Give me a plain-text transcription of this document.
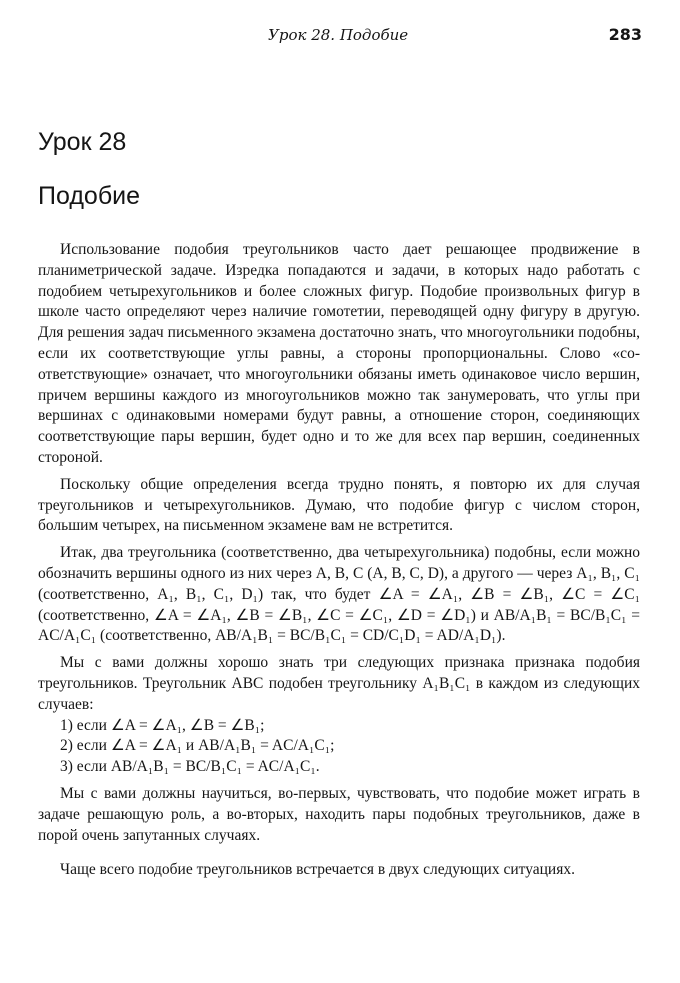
Урок 28. Подобие	283
Урок 28
Подобие

Использование подобия треугольников часто дает решающее продвижение в планиметрической задаче. Изредка попадаются и задачи, в которых надо работать с подобием четырехугольников и более сложных фигур. Подобие произвольных фигур в школе часто определяют через наличие гомотетии, переводящей одну фигуру в другую. Для решения задач письменного экзамена достаточно знать, что многоугольники подобны, если их соответствующие углы равны, а стороны пропорциональны. Слово «соответствующие» означает, что многоугольники обязаны иметь одинаковое число вершин, причем вершины каждого из многоугольников можно так занумеровать, что углы при вершинах с одинаковыми номерами будут равны, а отношение сторон, соединяющих соответствующие пары вершин, будет одно и то же для всех пар вершин, соединенных стороной.

Поскольку общие определения всегда трудно понять, я повторю их для случая треугольников и четырехугольников. Думаю, что подобие фигур с числом сторон, большим четырех, на письменном экзамене вам не встретится.

Итак, два треугольника (соответственно, два четырехугольника) подобны, если можно обозначить вершины одного из них через A, B, C (A, B, C, D), а другого — через A₁, B₁, C₁ (соответственно, A₁, B₁, C₁, D₁) так, что будет ∠A = ∠A₁, ∠B = ∠B₁, ∠C = ∠C₁ (соответственно, ∠A = ∠A₁, ∠B = ∠B₁, ∠C = ∠C₁, ∠D = ∠D₁) и AB/A₁B₁ = BC/B₁C₁ = AC/A₁C₁ (соответственно, AB/A₁B₁ = BC/B₁C₁ = CD/C₁D₁ = AD/A₁D₁).

Мы с вами должны хорошо знать три следующих признака признака подобия треугольников. Треугольник ABC подобен треугольнику A₁B₁C₁ в каждом из следующих случаев:

1) если ∠A = ∠A₁, ∠B = ∠B₁;

2) если ∠A = ∠A₁ и AB/A₁B₁ = AC/A₁C₁;

3) если AB/A₁B₁ = BC/B₁C₁ = AC/A₁C₁.

Мы с вами должны научиться, во-первых, чувствовать, что подобие может играть в задаче решающую роль, а во-вторых, находить пары подобных треугольников, даже в порой очень запутанных случаях.

Чаще всего подобие треугольников встречается в двух следующих ситуациях.
